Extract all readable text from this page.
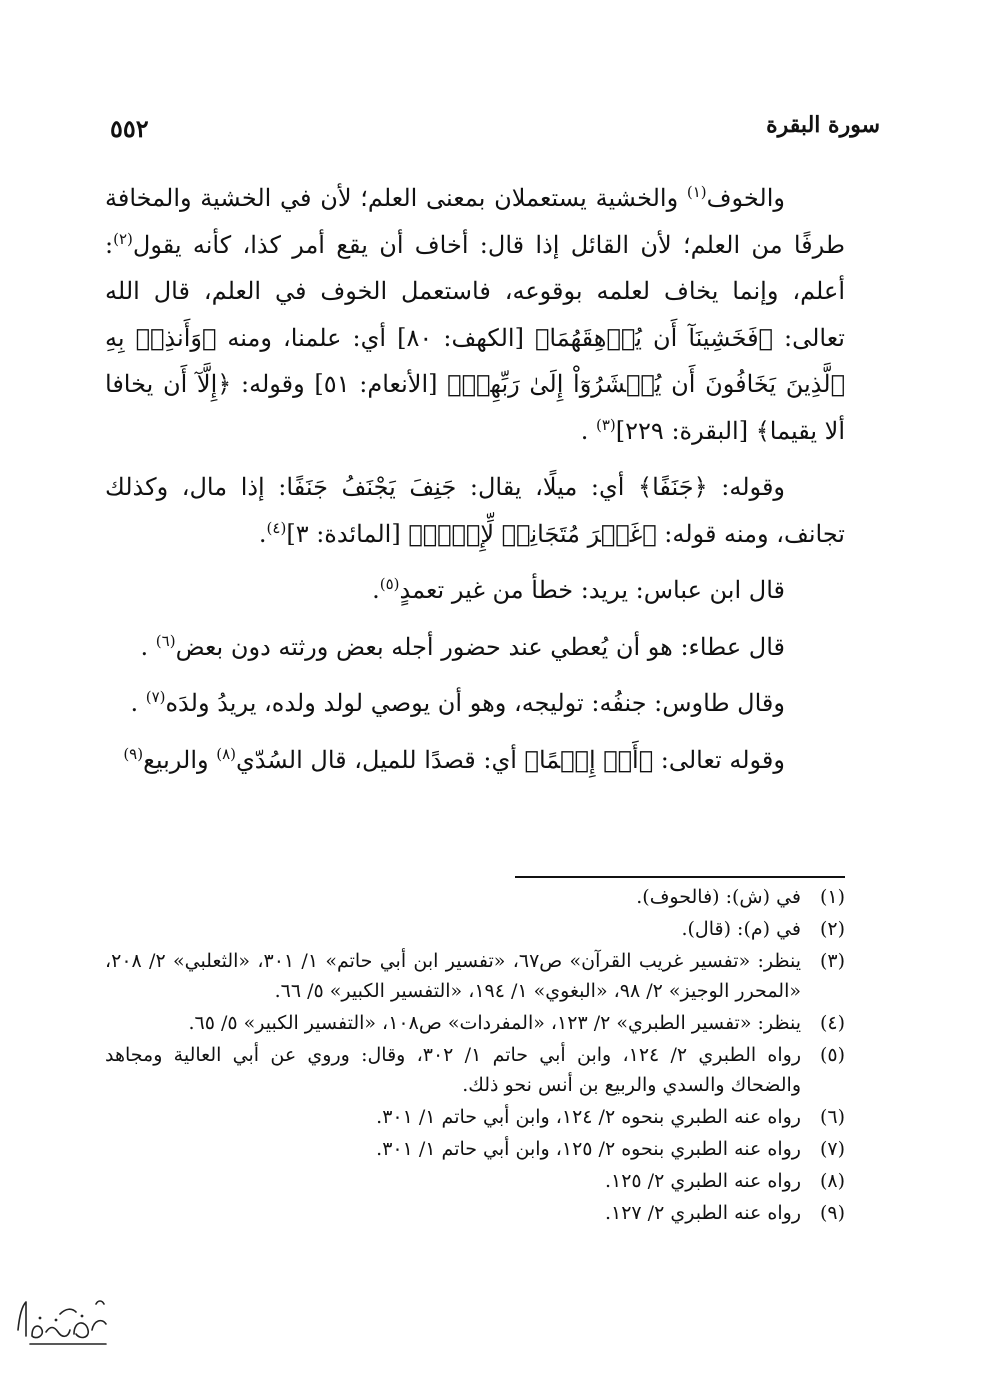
٥٥٢	سورة البقرة

والخوف$^{(١)}$ والخشية يستعملان بمعنى العلم؛ لأن في الخشية والمخافة طرفًا من العلم؛ لأن القائل إذا قال: أخاف أن يقع أمر كذا، كأنه يقول$^{(٢)}$: أعلم، وإنما يخاف لعلمه بوقوعه، فاستعمل الخوف في العلم، قال الله تعالى: ﴿فَخَشِينَآ أَن يُرۡهِقَهُمَا﴾ [الكهف: ٨٠] أي: علمنا، ومنه ﴿وَأَنذِرۡ بِهِ ٱلَّذِينَ يَخَافُونَ أَن يُحۡشَرُوٓاْ إِلَىٰ رَبِّهِمۡ﴾ [الأنعام: ٥١] وقوله: ﴿إِلَّآ أَن يخافا ألا يقيما﴾ [البقرة: ٢٢٩]$^{(٣)}$ .

وقوله: ﴿جَنَفًا﴾ أي: ميلًا، يقال: جَنِفَ يَجْنَفُ جَنَفًا: إذا مال، وكذلك تجانف، ومنه قوله: ﴿غَيۡرَ مُتَجَانِفٖ لِّإِثۡمٖ﴾ [المائدة: ٣]$^{(٤)}$.

قال ابن عباس: يريد: خطأ من غير تعمدٍ$^{(٥)}$.

قال عطاء: هو أن يُعطي عند حضور أجله بعض ورثته دون بعض$^{(٦)}$ .

وقال طاوس: جنفُه: توليجه، وهو أن يوصي لولد ولده، يريدُ ولدَه$^{(٧)}$ .

وقوله تعالى: ﴿أَوۡ إِثۡمًا﴾ أي: قصدًا للميل، قال السُدّي$^{(٨)}$ والربيع$^{(٩)}$

(١)
في (ش): (فالحوف).
(٢)
في (م): (قال).
(٣)
ينظر: «تفسير غريب القرآن» ص٦٧، «تفسير ابن أبي حاتم» ١/ ٣٠١، «الثعلبي» ٢/ ٢٠٨، «المحرر الوجيز» ٢/ ٩٨، «البغوي» ١/ ١٩٤، «التفسير الكبير» ٥/ ٦٦.
(٤)
ينظر: «تفسير الطبري» ٢/ ١٢٣، «المفردات» ص١٠٨، «التفسير الكبير» ٥/ ٦٥.
(٥)
رواه الطبري ٢/ ١٢٤، وابن أبي حاتم ١/ ٣٠٢، وقال: وروي عن أبي العالية ومجاهد والضحاك والسدي والربيع بن أنس نحو ذلك.
(٦)
رواه عنه الطبري بنحوه ٢/ ١٢٤، وابن أبي حاتم ١/ ٣٠١.
(٧)
رواه عنه الطبري بنحوه ٢/ ١٢٥، وابن أبي حاتم ١/ ٣٠١.
(٨)
رواه عنه الطبري ٢/ ١٢٥.
(٩)
رواه عنه الطبري ٢/ ١٢٧.
